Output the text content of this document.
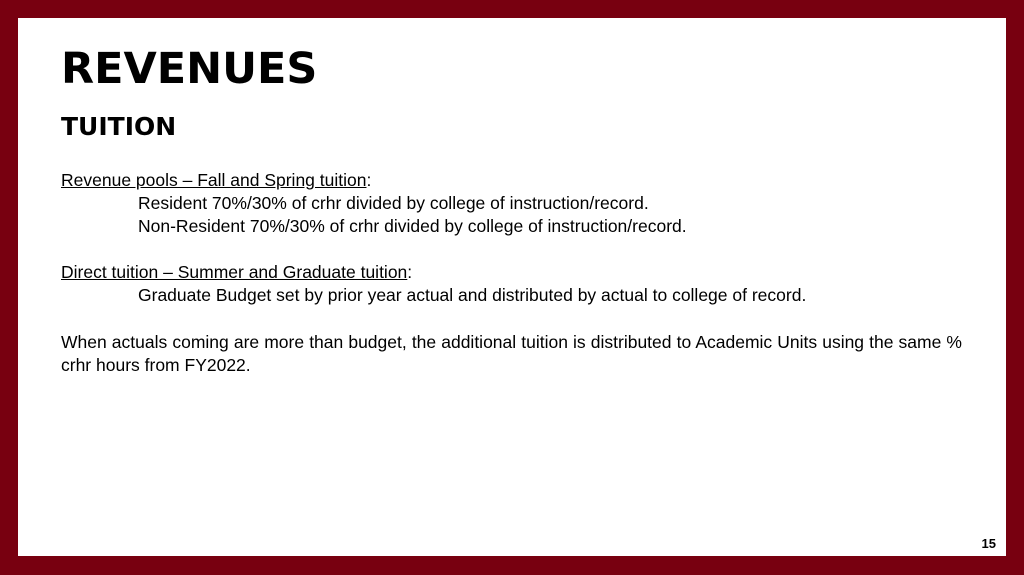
REVENUES
TUITION

Revenue pools – Fall and Spring tuition:

Resident 70%/30% of crhr divided by college of instruction/record.

Non-Resident 70%/30% of crhr divided by college of instruction/record.

Direct tuition – Summer and Graduate tuition:

Graduate Budget set by prior year actual and distributed by actual to college of record.

When actuals coming are more than budget, the additional tuition is distributed to Academic Units using the same % crhr hours from FY2022.

15
